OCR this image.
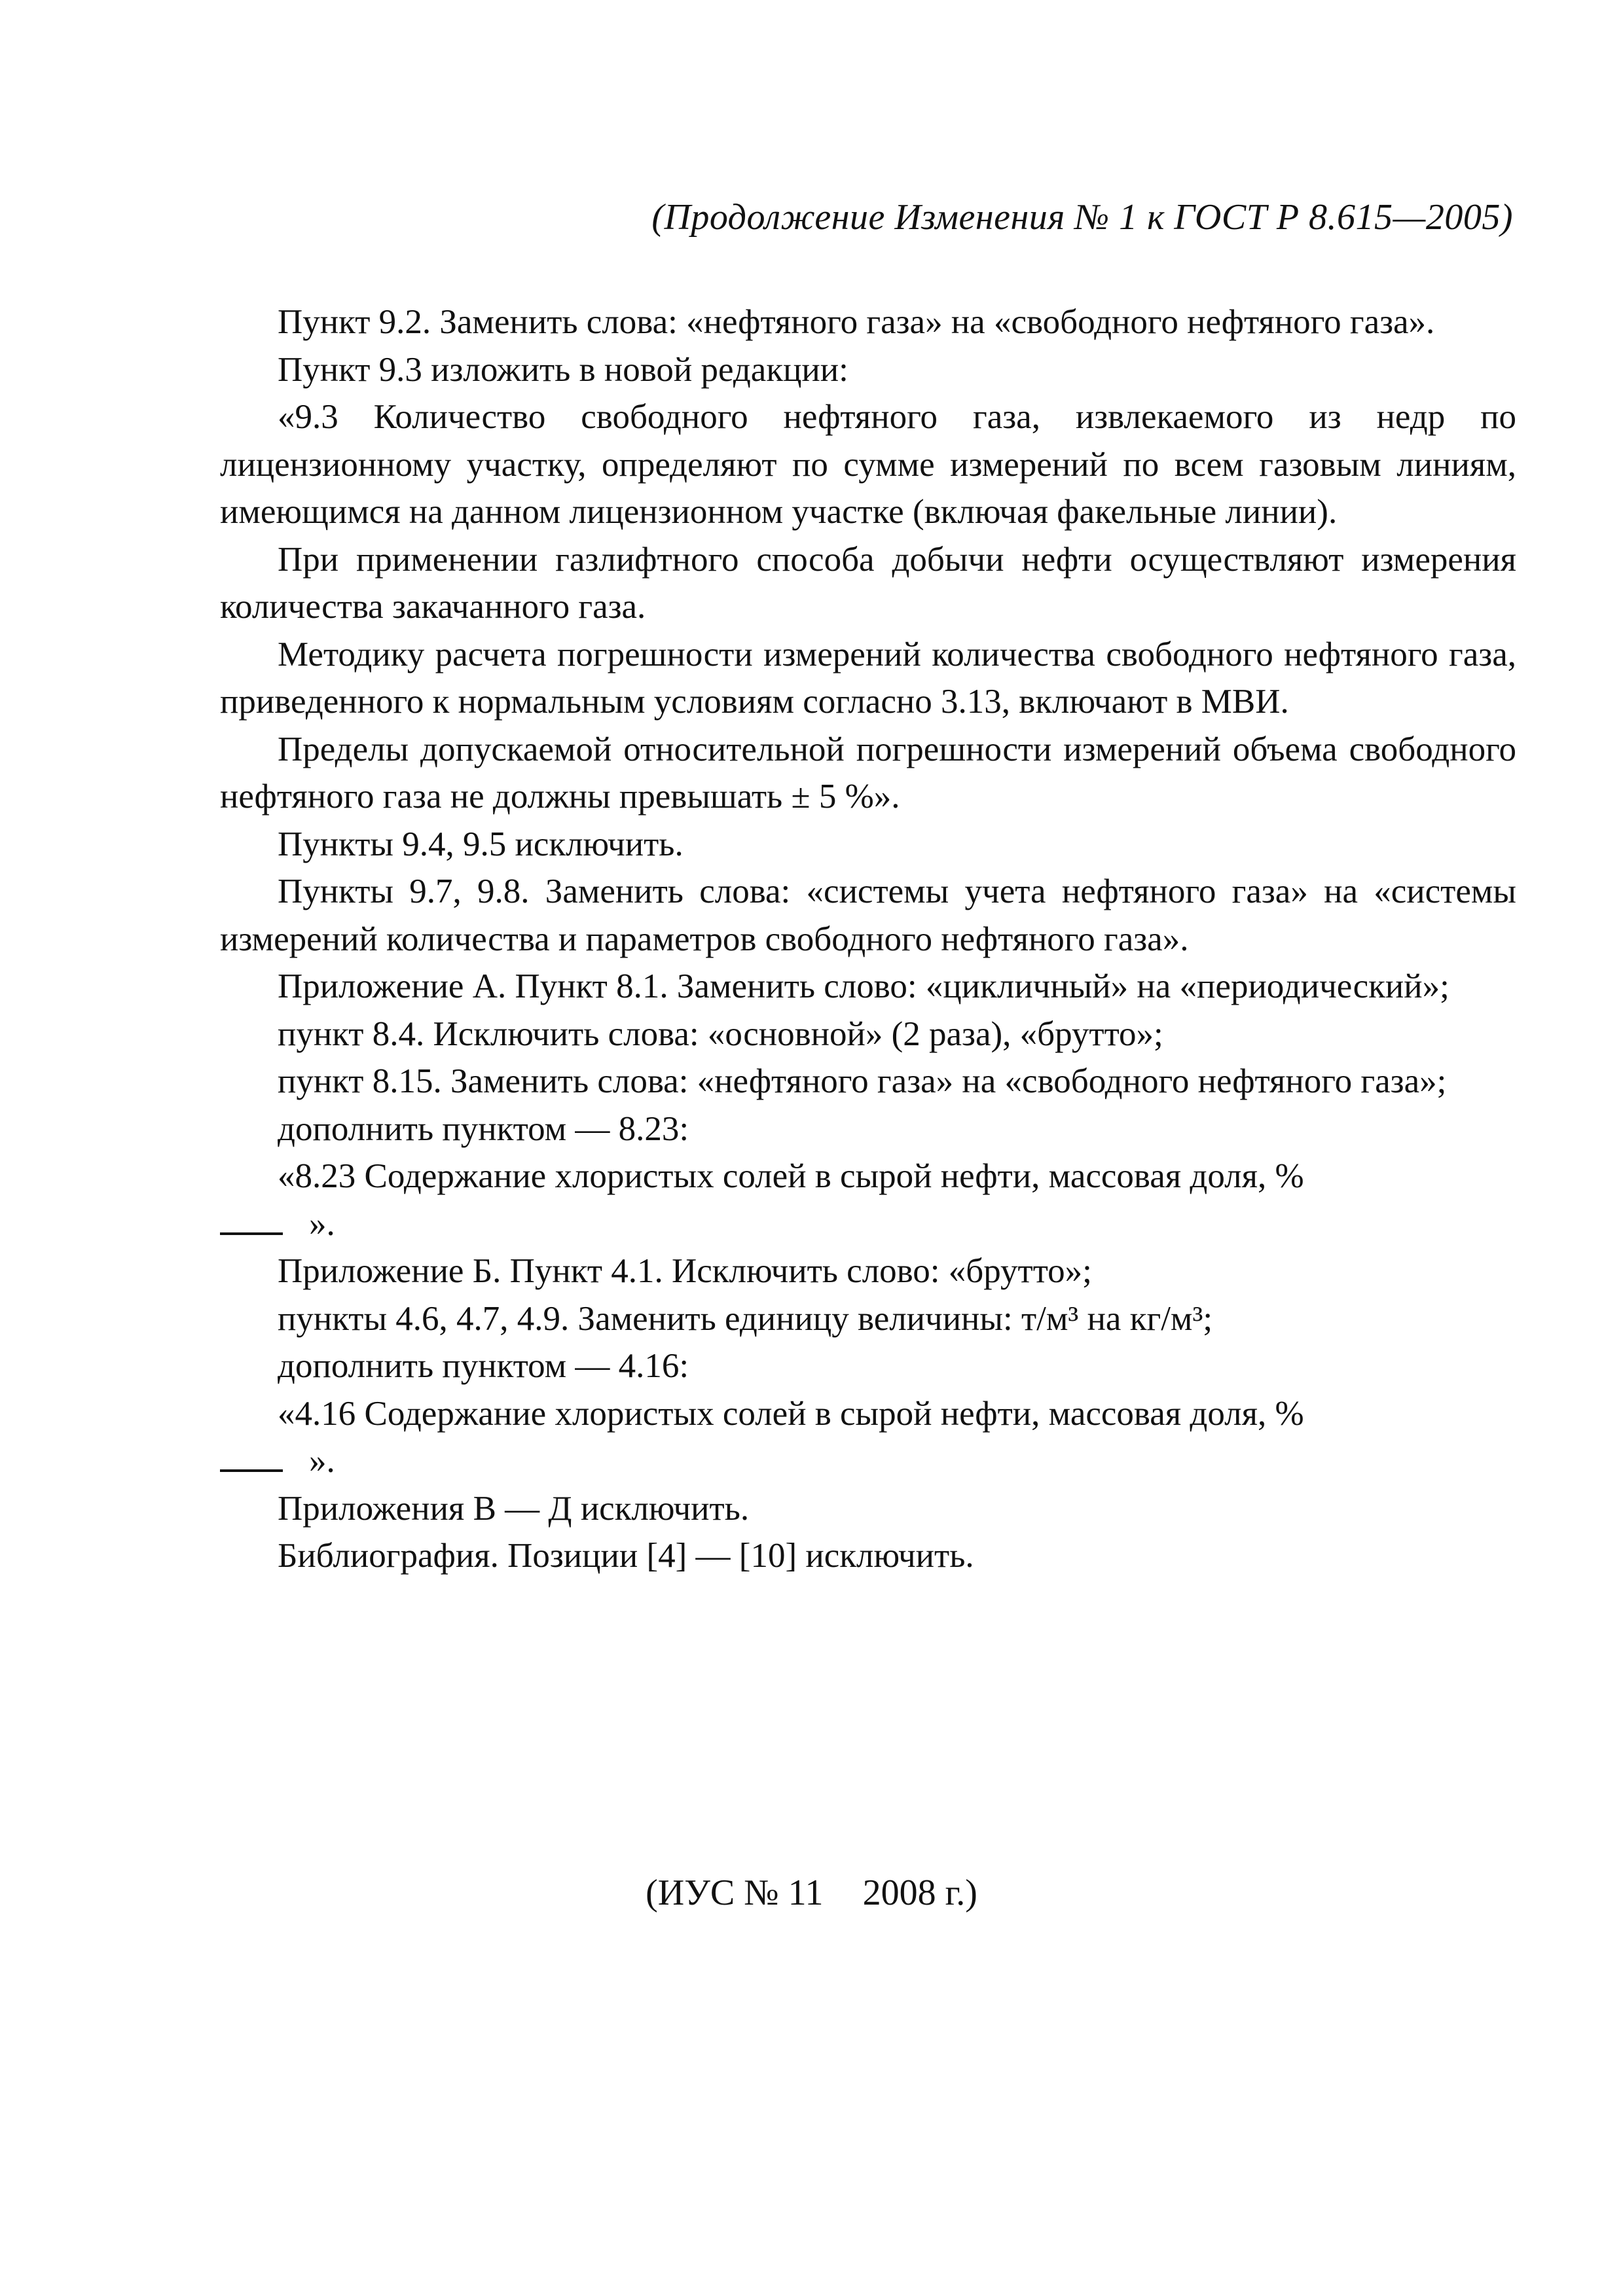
(Продолжение Изменения № 1 к ГОСТ Р 8.615—2005)

Пункт 9.2. Заменить слова: «нефтяного газа» на «свободного нефтяного газа».

Пункт 9.3 изложить в новой редакции:

«9.3 Количество свободного нефтяного газа, извлекаемого из недр по лицензионному участку, определяют по сумме измерений по всем газовым линиям, имеющимся на данном лицензионном участке (включая факельные линии).

При применении газлифтного способа добычи нефти осуществляют измерения количества закачанного газа.

Методику расчета погрешности измерений количества свободного нефтяного газа, приведенного к нормальным условиям согласно 3.13, включают в МВИ.

Пределы допускаемой относительной погрешности измерений объема свободного нефтяного газа не должны превышать ± 5 %».

Пункты 9.4, 9.5 исключить.

Пункты 9.7, 9.8. Заменить слова: «системы учета нефтяного газа» на «системы измерений количества и параметров свободного нефтяного газа».

Приложение А. Пункт 8.1. Заменить слово: «цикличный» на «периодический»;

пункт 8.4. Исключить слова: «основной» (2 раза), «брутто»;

пункт 8.15. Заменить слова: «нефтяного газа» на «свободного нефтяного газа»;

дополнить пунктом — 8.23:

«8.23 Содержание хлористых солей в сырой нефти, массовая доля, %

».

Приложение Б. Пункт 4.1. Исключить слово: «брутто»;

пункты 4.6, 4.7, 4.9. Заменить единицу величины: т/м³ на кг/м³;

дополнить пунктом — 4.16:

«4.16 Содержание хлористых солей в сырой нефти, массовая доля, %

».

Приложения В — Д исключить.

Библиография. Позиции [4] — [10] исключить.

(ИУС № 11 2008 г.)
